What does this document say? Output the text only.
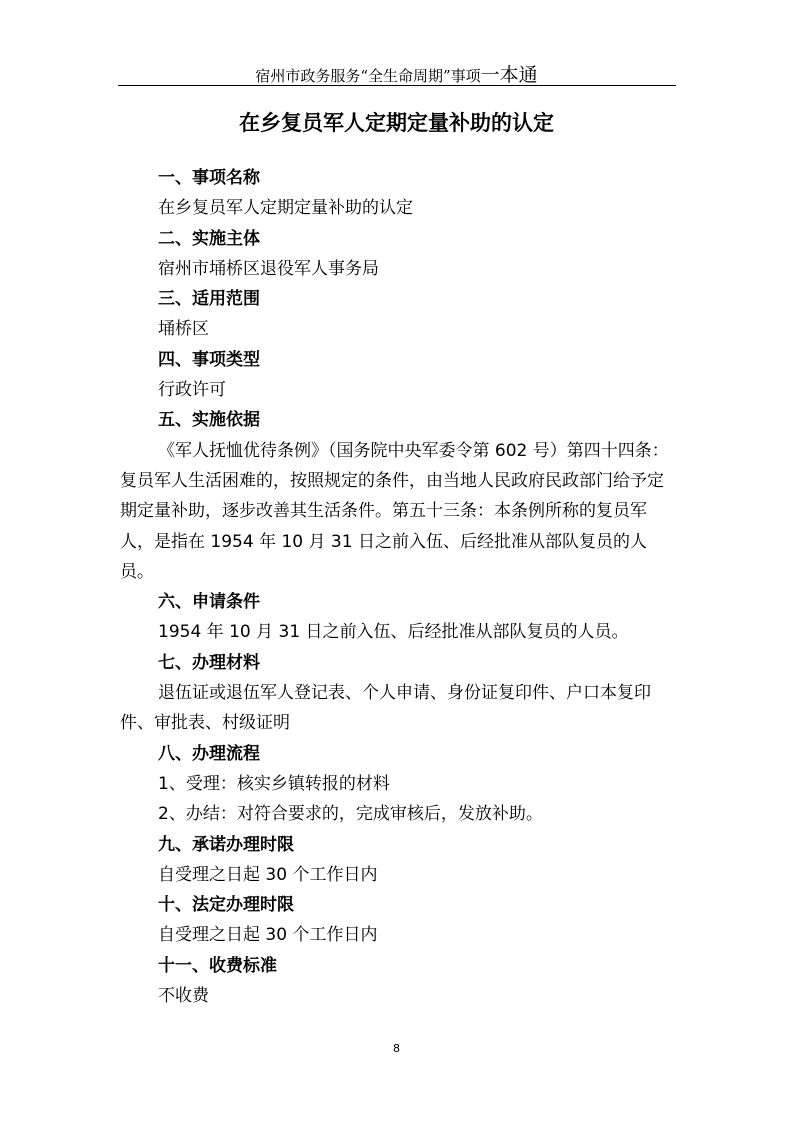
宿州市政务服务“全生命周期”事项一本通
在乡复员军人定期定量补助的认定

一、事项名称

在乡复员军人定期定量补助的认定

二、实施主体

宿州市埇桥区退役军人事务局

三、适用范围

埇桥区

四、事项类型

行政许可

五、实施依据

《军人抚恤优待条例》（国务院中央军委令第 602 号）第四十四条：复员军人生活困难的，按照规定的条件，由当地人民政府民政部门给予定期定量补助，逐步改善其生活条件。第五十三条：本条例所称的复员军人，是指在 1954 年 10 月 31 日之前入伍、后经批准从部队复员的人员。

六、申请条件

1954 年 10 月 31 日之前入伍、后经批准从部队复员的人员。

七、办理材料

退伍证或退伍军人登记表、个人申请、身份证复印件、户口本复印件、审批表、村级证明

八、办理流程

1、受理：核实乡镇转报的材料

2、办结：对符合要求的，完成审核后，发放补助。

九、承诺办理时限

自受理之日起 30 个工作日内

十、法定办理时限

自受理之日起 30 个工作日内

十一、收费标准

不收费

8
